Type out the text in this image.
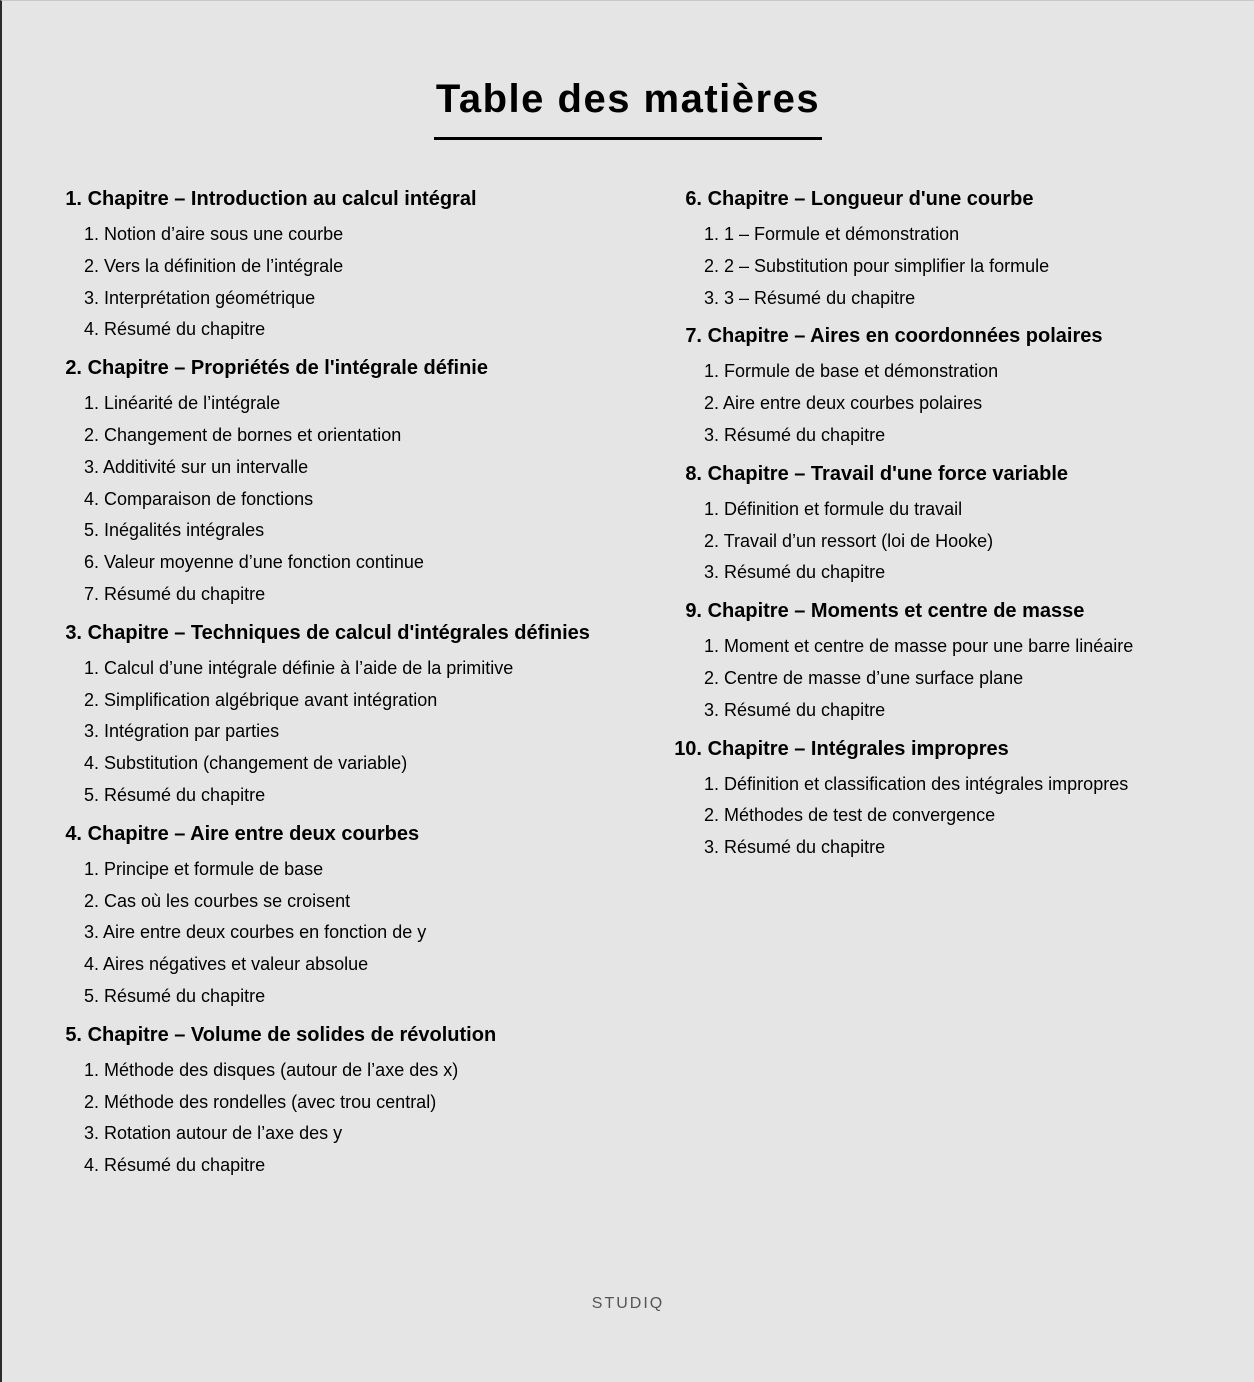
Table des matières
1.
Chapitre – Introduction au calcul intégral
1. Notion d’aire sous une courbe
2. Vers la définition de l’intégrale
3. Interprétation géométrique
4. Résumé du chapitre
2.
Chapitre – Propriétés de l'intégrale définie
1. Linéarité de l’intégrale
2. Changement de bornes et orientation
3. Additivité sur un intervalle
4. Comparaison de fonctions
5. Inégalités intégrales
6. Valeur moyenne d’une fonction continue
7. Résumé du chapitre
3.
Chapitre – Techniques de calcul d'intégrales définies
1. Calcul d’une intégrale définie à l’aide de la primitive
2. Simplification algébrique avant intégration
3. Intégration par parties
4. Substitution (changement de variable)
5. Résumé du chapitre
4.
Chapitre – Aire entre deux courbes
1. Principe et formule de base
2. Cas où les courbes se croisent
3. Aire entre deux courbes en fonction de y
4. Aires négatives et valeur absolue
5. Résumé du chapitre
5.
Chapitre – Volume de solides de révolution
1. Méthode des disques (autour de l’axe des x)
2. Méthode des rondelles (avec trou central)
3. Rotation autour de l’axe des y
4. Résumé du chapitre
6.
Chapitre – Longueur d'une courbe
1. 1 – Formule et démonstration
2. 2 – Substitution pour simplifier la formule
3. 3 – Résumé du chapitre
7.
Chapitre – Aires en coordonnées polaires
1. Formule de base et démonstration
2. Aire entre deux courbes polaires
3. Résumé du chapitre
8.
Chapitre – Travail d'une force variable
1. Définition et formule du travail
2. Travail d’un ressort (loi de Hooke)
3. Résumé du chapitre
9.
Chapitre – Moments et centre de masse
1. Moment et centre de masse pour une barre linéaire
2. Centre de masse d’une surface plane
3. Résumé du chapitre
10.
Chapitre – Intégrales impropres
1. Définition et classification des intégrales impropres
2. Méthodes de test de convergence
3. Résumé du chapitre
STUDIQ
